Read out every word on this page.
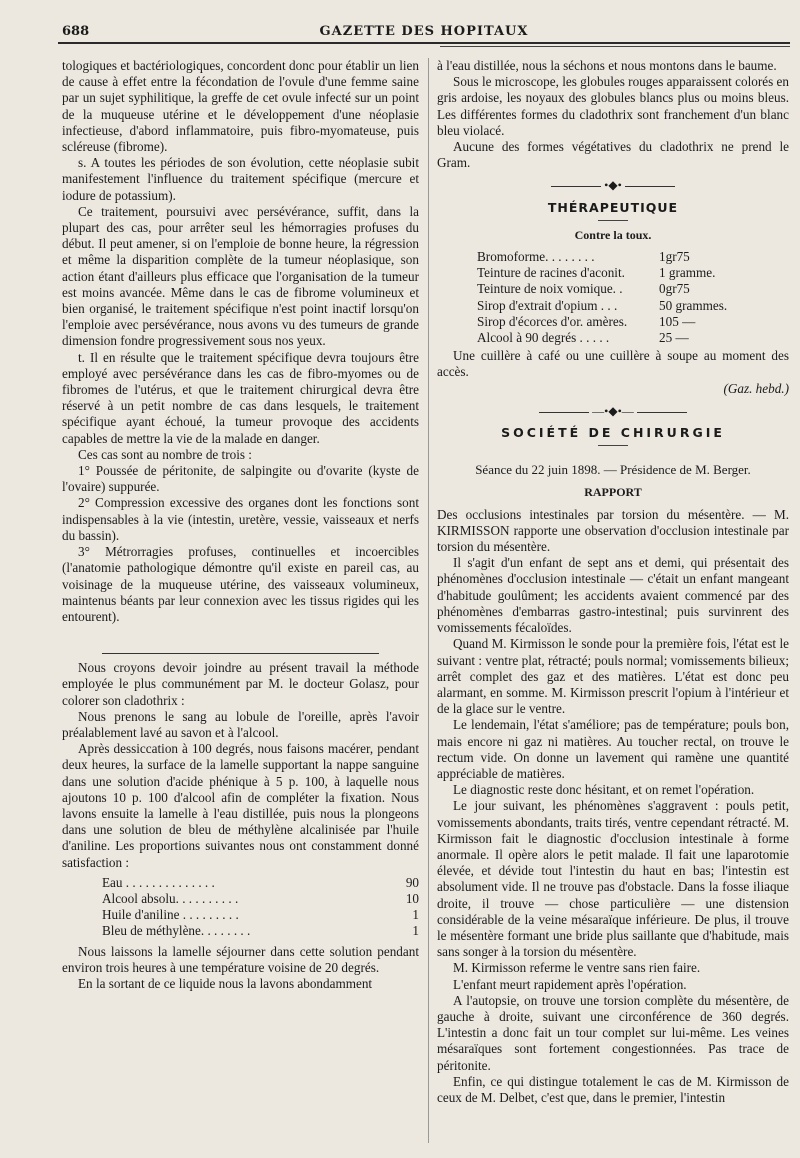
688	GAZETTE DES HOPITAUX

tologiques et bactériologiques, concordent donc pour établir un lien de cause à effet entre la fécondation de l'ovule d'une femme saine par un sujet syphilitique, la greffe de cet ovule infecté sur un point de la muqueuse utérine et le développement d'une néoplasie infectieuse, d'abord inflammatoire, puis fibro-myomateuse, puis scléreuse (fibrome).

s. A toutes les périodes de son évolution, cette néoplasie subit manifestement l'influence du traitement spécifique (mercure et iodure de potassium).

Ce traitement, poursuivi avec persévérance, suffit, dans la plupart des cas, pour arrêter seul les hémorragies profuses du début. Il peut amener, si on l'emploie de bonne heure, la régression et même la disparition complète de la tumeur néoplasique, son action étant d'ailleurs plus efficace que l'organisation de la tumeur est moins avancée. Même dans le cas de fibrome volumineux et bien organisé, le traitement spécifique n'est point inactif lorsqu'on l'emploie avec persévérance, nous avons vu des tumeurs de grande dimension fondre progressivement sous nos yeux.

t. Il en résulte que le traitement spécifique devra toujours être employé avec persévérance dans les cas de fibro-myomes ou de fibromes de l'utérus, et que le traitement chirurgical devra être réservé à un petit nombre de cas dans lesquels, le traitement spécifique ayant échoué, la tumeur provoque des accidents capables de mettre la vie de la malade en danger.

Ces cas sont au nombre de trois :

1° Poussée de péritonite, de salpingite ou d'ovarite (kyste de l'ovaire) suppurée.

2° Compression excessive des organes dont les fonctions sont indispensables à la vie (intestin, uretère, vessie, vaisseaux et nerfs du bassin).

3° Métrorragies profuses, continuelles et incoercibles (l'anatomie pathologique démontre qu'il existe en pareil cas, au voisinage de la muqueuse utérine, des vaisseaux volumineux, maintenus béants par leur connexion avec les tissus rigides qui les entourent).

Nous croyons devoir joindre au présent travail la méthode employée le plus communément par M. le docteur Golasz, pour colorer son cladothrix :

Nous prenons le sang au lobule de l'oreille, après l'avoir préalablement lavé au savon et à l'alcool.

Après dessiccation à 100 degrés, nous faisons macérer, pendant deux heures, la surface de la lamelle supportant la nappe sanguine dans une solution d'acide phénique à 5 p. 100, à laquelle nous ajoutons 10 p. 100 d'alcool afin de compléter la fixation. Nous lavons ensuite la lamelle à l'eau distillée, puis nous la plongeons dans une solution de bleu de méthylène alcalinisée par l'huile d'aniline. Les proportions suivantes nous ont constamment donné satisfaction :

Eau . . . . . . . . . . . . . .	90
Alcool absolu. . . . . . . . . .	10
Huile d'aniline . . . . . . . . .	1
Bleu de méthylène. . . . . . . .	1

Nous laissons la lamelle séjourner dans cette solution pendant environ trois heures à une température voisine de 20 degrés.

En la sortant de ce liquide nous la lavons abondamment

à l'eau distillée, nous la séchons et nous montons dans le baume.

Sous le microscope, les globules rouges apparaissent colorés en gris ardoise, les noyaux des globules blancs plus ou moins bleus. Les différentes formes du cladothrix sont franchement d'un blanc bleu violacé.

Aucune des formes végétatives du cladothrix ne prend le Gram.

•◆•
THÉRAPEUTIQUE
Contre la toux.
Bromoforme. . . . . . . .	1gr75
Teinture de racines d'aconit.	1 gramme.
Teinture de noix vomique. .	0gr75
Sirop d'extrait d'opium . . .	50 grammes.
Sirop d'écorces d'or. amères.	105 —
Alcool à 90 degrés . . . . .	25 —

Une cuillère à café ou une cuillère à soupe au moment des accès.

(Gaz. hebd.)
—•◆•—
SOCIÉTÉ DE CHIRURGIE
Séance du 22 juin 1898. — Présidence de M. Berger.
RAPPORT

Des occlusions intestinales par torsion du mésentère. — M. KIRMISSON rapporte une observation d'occlusion intestinale par torsion du mésentère.

Il s'agit d'un enfant de sept ans et demi, qui présentait des phénomènes d'occlusion intestinale — c'était un enfant mangeant d'habitude goulûment; les accidents avaient commencé par des phénomènes d'embarras gastro-intestinal; puis survinrent des vomissements fécaloïdes.

Quand M. Kirmisson le sonde pour la première fois, l'état est le suivant : ventre plat, rétracté; pouls normal; vomissements bilieux; arrêt complet des gaz et des matières. L'état est donc peu alarmant, en somme. M. Kirmisson prescrit l'opium à l'intérieur et de la glace sur le ventre.

Le lendemain, l'état s'améliore; pas de température; pouls bon, mais encore ni gaz ni matières. Au toucher rectal, on trouve le rectum vide. On donne un lavement qui ramène une quantité appréciable de matières.

Le diagnostic reste donc hésitant, et on remet l'opération.

Le jour suivant, les phénomènes s'aggravent : pouls petit, vomissements abondants, traits tirés, ventre cependant rétracté. M. Kirmisson fait le diagnostic d'occlusion intestinale à forme anormale. Il opère alors le petit malade. Il fait une laparotomie élevée, et dévide tout l'intestin du haut en bas; l'intestin est absolument vide. Il ne trouve pas d'obstacle. Dans la fosse iliaque droite, il trouve — chose particulière — une distension considérable de la veine mésaraïque inférieure. De plus, il trouve le mésentère formant une bride plus saillante que d'habitude, mais sans songer à la torsion du mésentère.

M. Kirmisson referme le ventre sans rien faire.

L'enfant meurt rapidement après l'opération.

A l'autopsie, on trouve une torsion complète du mésentère, de gauche à droite, suivant une circonférence de 360 degrés. L'intestin a donc fait un tour complet sur lui-même. Les veines mésaraïques sont fortement congestionnées. Pas trace de péritonite.

Enfin, ce qui distingue totalement le cas de M. Kirmisson de ceux de M. Delbet, c'est que, dans le premier, l'intestin
